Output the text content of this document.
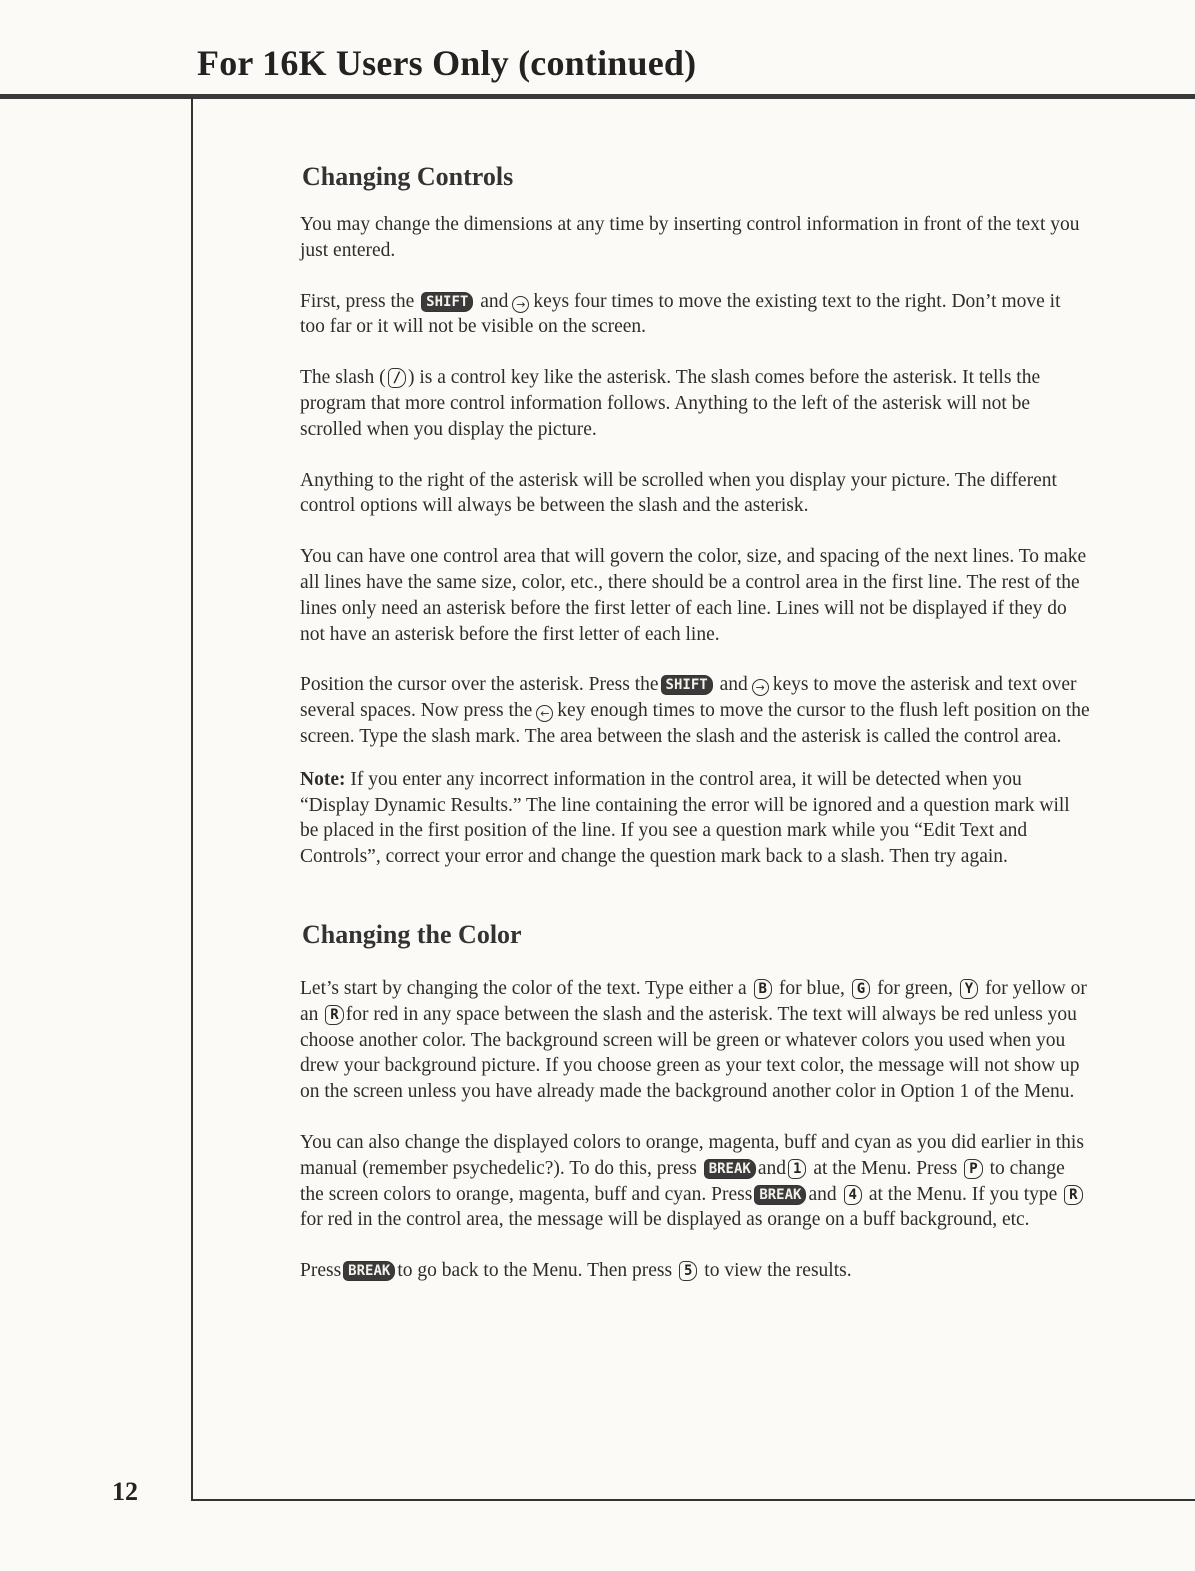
For 16K Users Only (continued)
12
Changing Controls

You may change the dimensions at any time by inserting control information in front of the text you just entered.

First, press the SHIFT and → keys four times to move the existing text to the right. Don’t move it too far or it will not be visible on the screen.

The slash ( / ) is a control key like the asterisk. The slash comes before the asterisk. It tells the program that more control information follows. Anything to the left of the asterisk will not be scrolled when you display the picture.

Anything to the right of the asterisk will be scrolled when you display your picture. The different control options will always be between the slash and the asterisk.

You can have one control area that will govern the color, size, and spacing of the next lines. To make all lines have the same size, color, etc., there should be a control area in the first line. The rest of the lines only need an asterisk before the first letter of each line. Lines will not be displayed if they do not have an asterisk before the first letter of each line.

Position the cursor over the asterisk. Press the SHIFT and → keys to move the asterisk and text over several spaces. Now press the ← key enough times to move the cursor to the flush left position on the screen. Type the slash mark. The area between the slash and the asterisk is called the control area.

Note: If you enter any incorrect information in the control area, it will be detected when you “Display Dynamic Results.” The line containing the error will be ignored and a question mark will be placed in the first position of the line. If you see a question mark while you “Edit Text and Controls”, correct your error and change the question mark back to a slash. Then try again.

Changing the Color

Let’s start by changing the color of the text. Type either a B for blue, G for green, Y for yellow or an R for red in any space between the slash and the asterisk. The text will always be red unless you choose another color. The background screen will be green or whatever colors you used when you drew your background picture. If you choose green as your text color, the message will not show up on the screen unless you have already made the background another color in Option 1 of the Menu.

You can also change the displayed colors to orange, magenta, buff and cyan as you did earlier in this manual (remember psychedelic?). To do this, press BREAK and 1 at the Menu. Press P to change the screen colors to orange, magenta, buff and cyan. Press BREAK and 4 at the Menu. If you type R for red in the control area, the message will be displayed as orange on a buff background, etc.

Press BREAK to go back to the Menu. Then press 5 to view the results.
